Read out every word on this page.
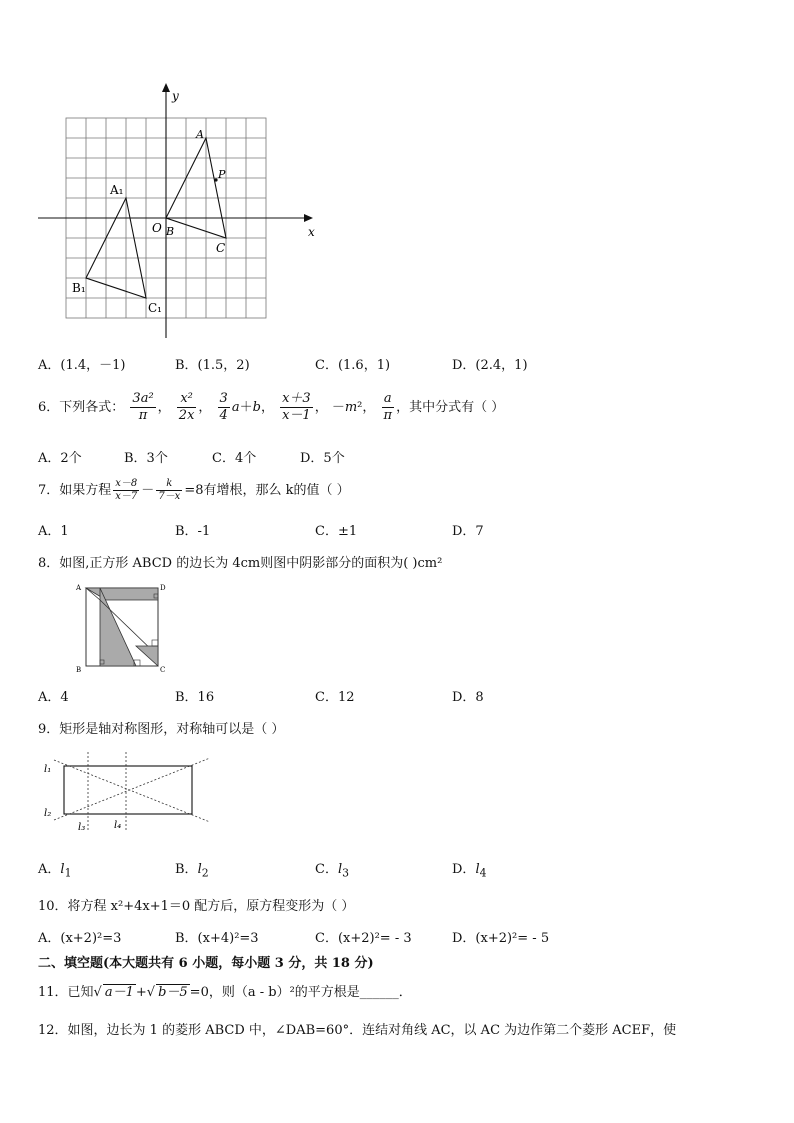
y
x
O
A
P
B
C
A₁
B₁
C₁
A．(1.4，－1)	B．(1.5，2)	C．(1.6，1)	D．(2.4，1)
6．下列各式： $\frac{\text{3a²}}{\pi}$ ， $\frac{\text{x²}}{2x}$ ， $\frac{3}{4} a+b$， $\frac{x+3}{x-1}$ ， －m²， $\frac{a}{\pi}$ ，其中分式有（ ）
A．2个	B．3个	C．4个	D．5个
7．如果方程 $\frac{x-8}{x-7} - \frac{k}{7-x} =8$有增根，那么 k的值（ ）
A．1	B．-1	C．±1	D．7
8．如图,正方形 ABCD 的边长为 4cm则图中阴影部分的面积为( )cm²
A	D
B	C
A．4	B．16	C．12	D．8
9．矩形是轴对称图形，对称轴可以是（ ）
l₁
l₂
l₃	l₄
A．$l_1$	B．$l_2$	C．$l_3$	D．$l_4$
10．将方程 x²+4x+1＝0 配方后，原方程变形为（ ）
A．(x+2)²=3	B．(x+4)²=3	C．(x+2)²= - 3	D．(x+2)²= - 5
二、填空题(本大题共有 6 小题，每小题 3 分，共 18 分)
11．已知√ a－1 +√ b－5 =0，则（a - b）²的平方根是______．
12．如图，边长为 1 的菱形 ABCD 中，∠DAB=60°．连结对角线 AC，以 AC 为边作第二个菱形 ACEF，使
